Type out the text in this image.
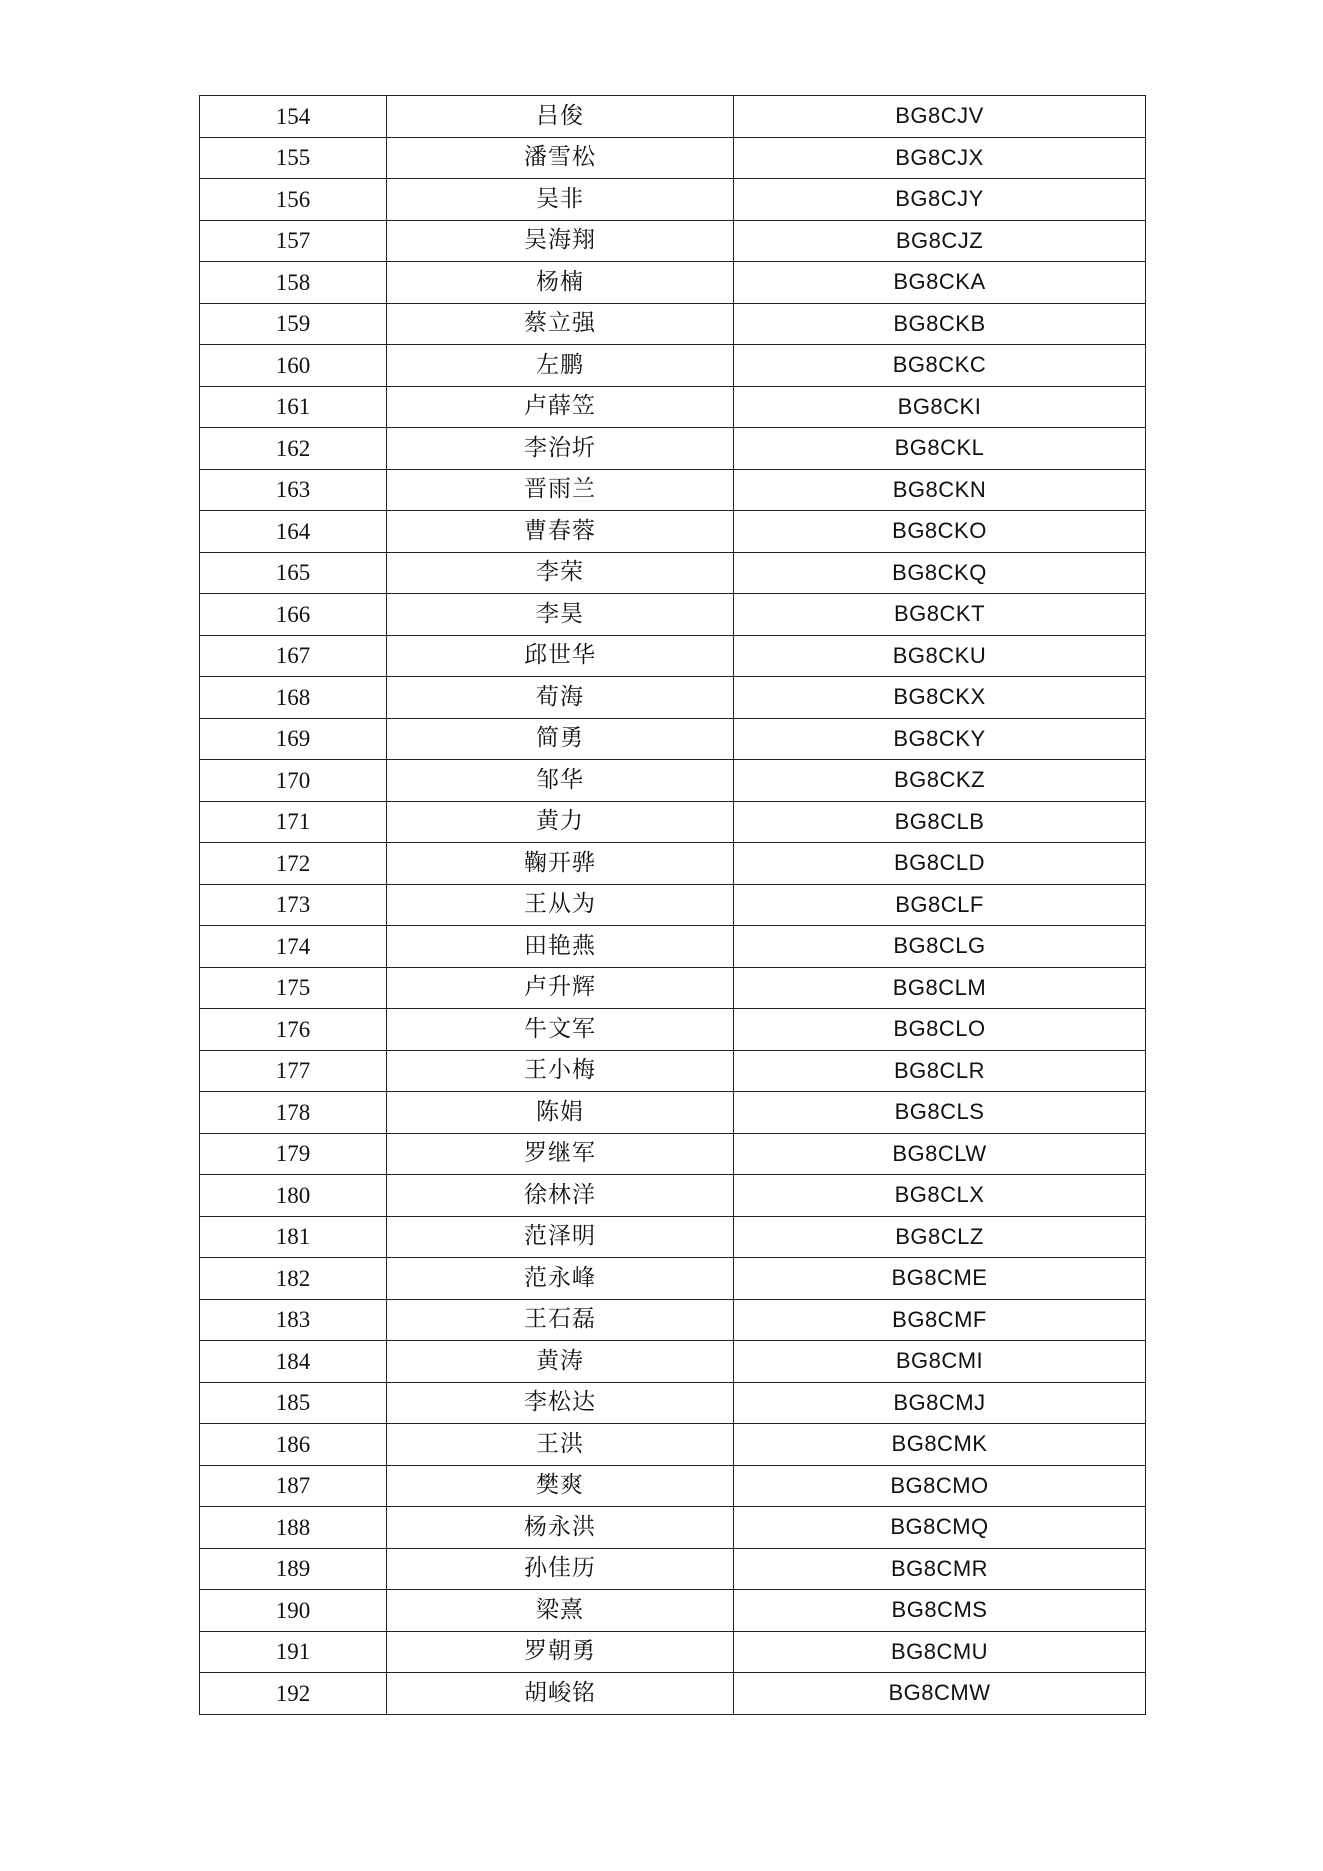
154	吕俊	BG8CJV
155	潘雪松	BG8CJX
156	吴非	BG8CJY
157	吴海翔	BG8CJZ
158	杨楠	BG8CKA
159	蔡立强	BG8CKB
160	左鹏	BG8CKC
161	卢薛笠	BG8CKI
162	李治圻	BG8CKL
163	晋雨兰	BG8CKN
164	曹春蓉	BG8CKO
165	李荣	BG8CKQ
166	李昊	BG8CKT
167	邱世华	BG8CKU
168	荀海	BG8CKX
169	简勇	BG8CKY
170	邹华	BG8CKZ
171	黄力	BG8CLB
172	鞠开骅	BG8CLD
173	王从为	BG8CLF
174	田艳燕	BG8CLG
175	卢升辉	BG8CLM
176	牛文军	BG8CLO
177	王小梅	BG8CLR
178	陈娟	BG8CLS
179	罗继军	BG8CLW
180	徐林洋	BG8CLX
181	范泽明	BG8CLZ
182	范永峰	BG8CME
183	王石磊	BG8CMF
184	黄涛	BG8CMI
185	李松达	BG8CMJ
186	王洪	BG8CMK
187	樊爽	BG8CMO
188	杨永洪	BG8CMQ
189	孙佳历	BG8CMR
190	梁熹	BG8CMS
191	罗朝勇	BG8CMU
192	胡峻铭	BG8CMW
